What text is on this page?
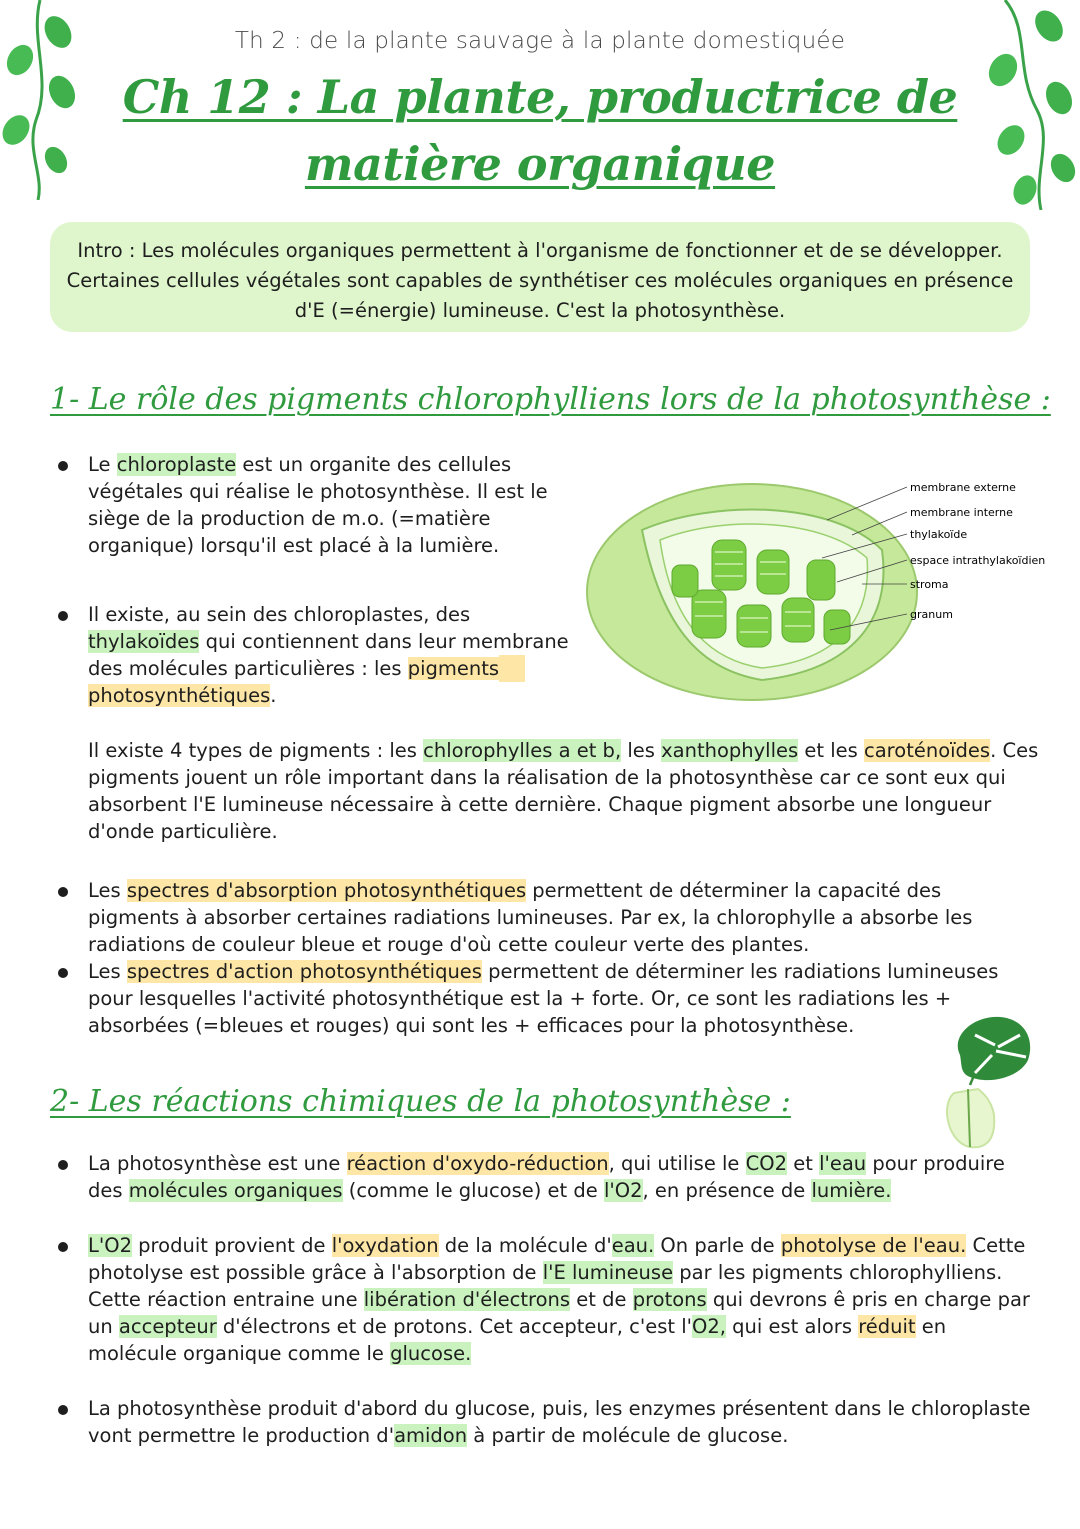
Th 2 : de la plante sauvage à la plante domestiquée
Ch 12 : La plante, productrice de
matière organique
Intro : Les molécules organiques permettent à l'organisme de fonctionner et de se développer.
Certaines cellules végétales sont capables de synthétiser ces molécules organiques en présence
d'E (=énergie) lumineuse. C'est la photosynthèse.
1- Le rôle des pigments chlorophylliens lors de la photosynthèse :
Le chloroplaste est un organite des cellules
végétales qui réalise le photosynthèse. Il est le
siège de la production de m.o. (=matière
organique) lorsqu'il est placé à la lumière.
Il existe, au sein des chloroplastes, des
thylakoïdes qui contiennent dans leur membrane
des molécules particulières : les pigments
photosynthétiques.
membrane externe
membrane interne
thylakoïde
espace intrathylakoïdien
stroma
granum
Il existe 4 types de pigments : les chlorophylles a et b, les xanthophylles et les caroténoïdes. Ces
pigments jouent un rôle important dans la réalisation de la photosynthèse car ce sont eux qui
absorbent l'E lumineuse nécessaire à cette dernière. Chaque pigment absorbe une longueur
d'onde particulière.
Les spectres d'absorption photosynthétiques permettent de déterminer la capacité des
pigments à absorber certaines radiations lumineuses. Par ex, la chlorophylle a absorbe les
radiations de couleur bleue et rouge d'où cette couleur verte des plantes.
Les spectres d'action photosynthétiques permettent de déterminer les radiations lumineuses
pour lesquelles l'activité photosynthétique est la + forte. Or, ce sont les radiations les +
absorbées (=bleues et rouges) qui sont les + efficaces pour la photosynthèse.
2- Les réactions chimiques de la photosynthèse :
La photosynthèse est une réaction d'oxydo-réduction, qui utilise le CO2 et l'eau pour produire
des molécules organiques (comme le glucose) et de l'O2, en présence de lumière.
L'O2 produit provient de l'oxydation de la molécule d'eau. On parle de photolyse de l'eau. Cette
photolyse est possible grâce à l'absorption de l'E lumineuse par les pigments chlorophylliens.
Cette réaction entraine une libération d'électrons et de protons qui devrons ê pris en charge par
un accepteur d'électrons et de protons. Cet accepteur, c'est l'O2, qui est alors réduit en
molécule organique comme le glucose.
La photosynthèse produit d'abord du glucose, puis, les enzymes présentent dans le chloroplaste
vont permettre le production d'amidon à partir de molécule de glucose.
